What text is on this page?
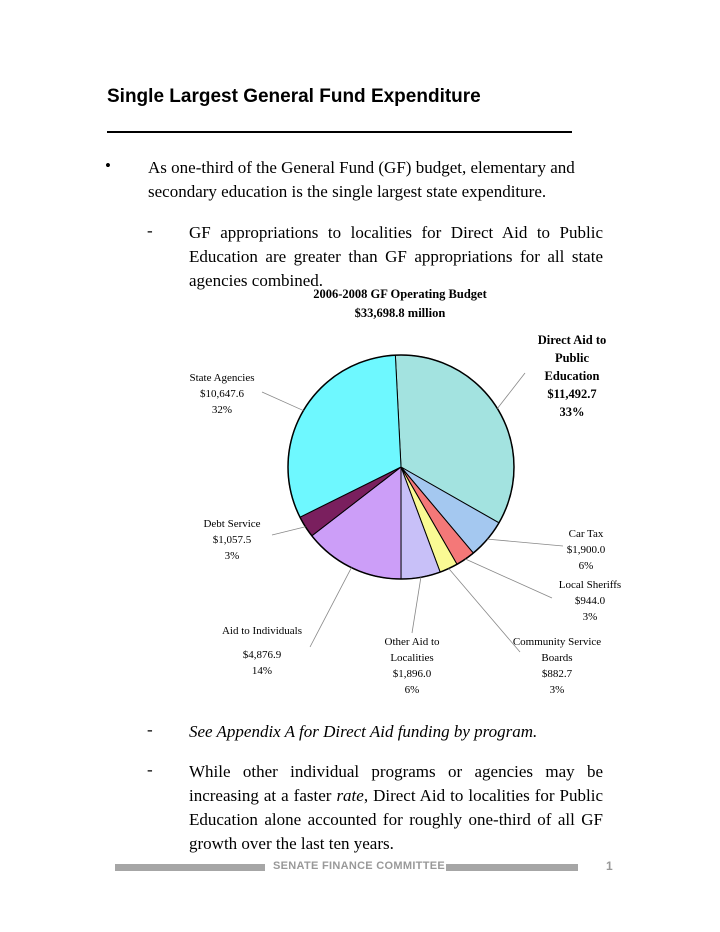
Single Largest General Fund Expenditure
• As one-third of the General Fund (GF) budget, elementary and secondary education is the single largest state expenditure.

- GF appropriations to localities for Direct Aid to Public Education are greater than GF appropriations for all state agencies combined.

2006-2008 GF Operating Budget
$33,698.8 million
Direct Aid to
Public
Education
$11,492.7
33%
State Agencies
$10,647.6
32%
Debt Service
$1,057.5
3%
Car Tax
$1,900.0
6%
Local Sheriffs
$944.0
3%
Aid to Individuals
$4,876.9
14%
Other Aid to
Localities
$1,896.0
6%
Community Service
Boards
$882.7
3%
- See Appendix A for Direct Aid funding by program.

- While other individual programs or agencies may be increasing at a faster rate, Direct Aid to localities for Public Education alone accounted for roughly one-third of all GF growth over the last ten years.

SENATE FINANCE COMMITTEE	1
